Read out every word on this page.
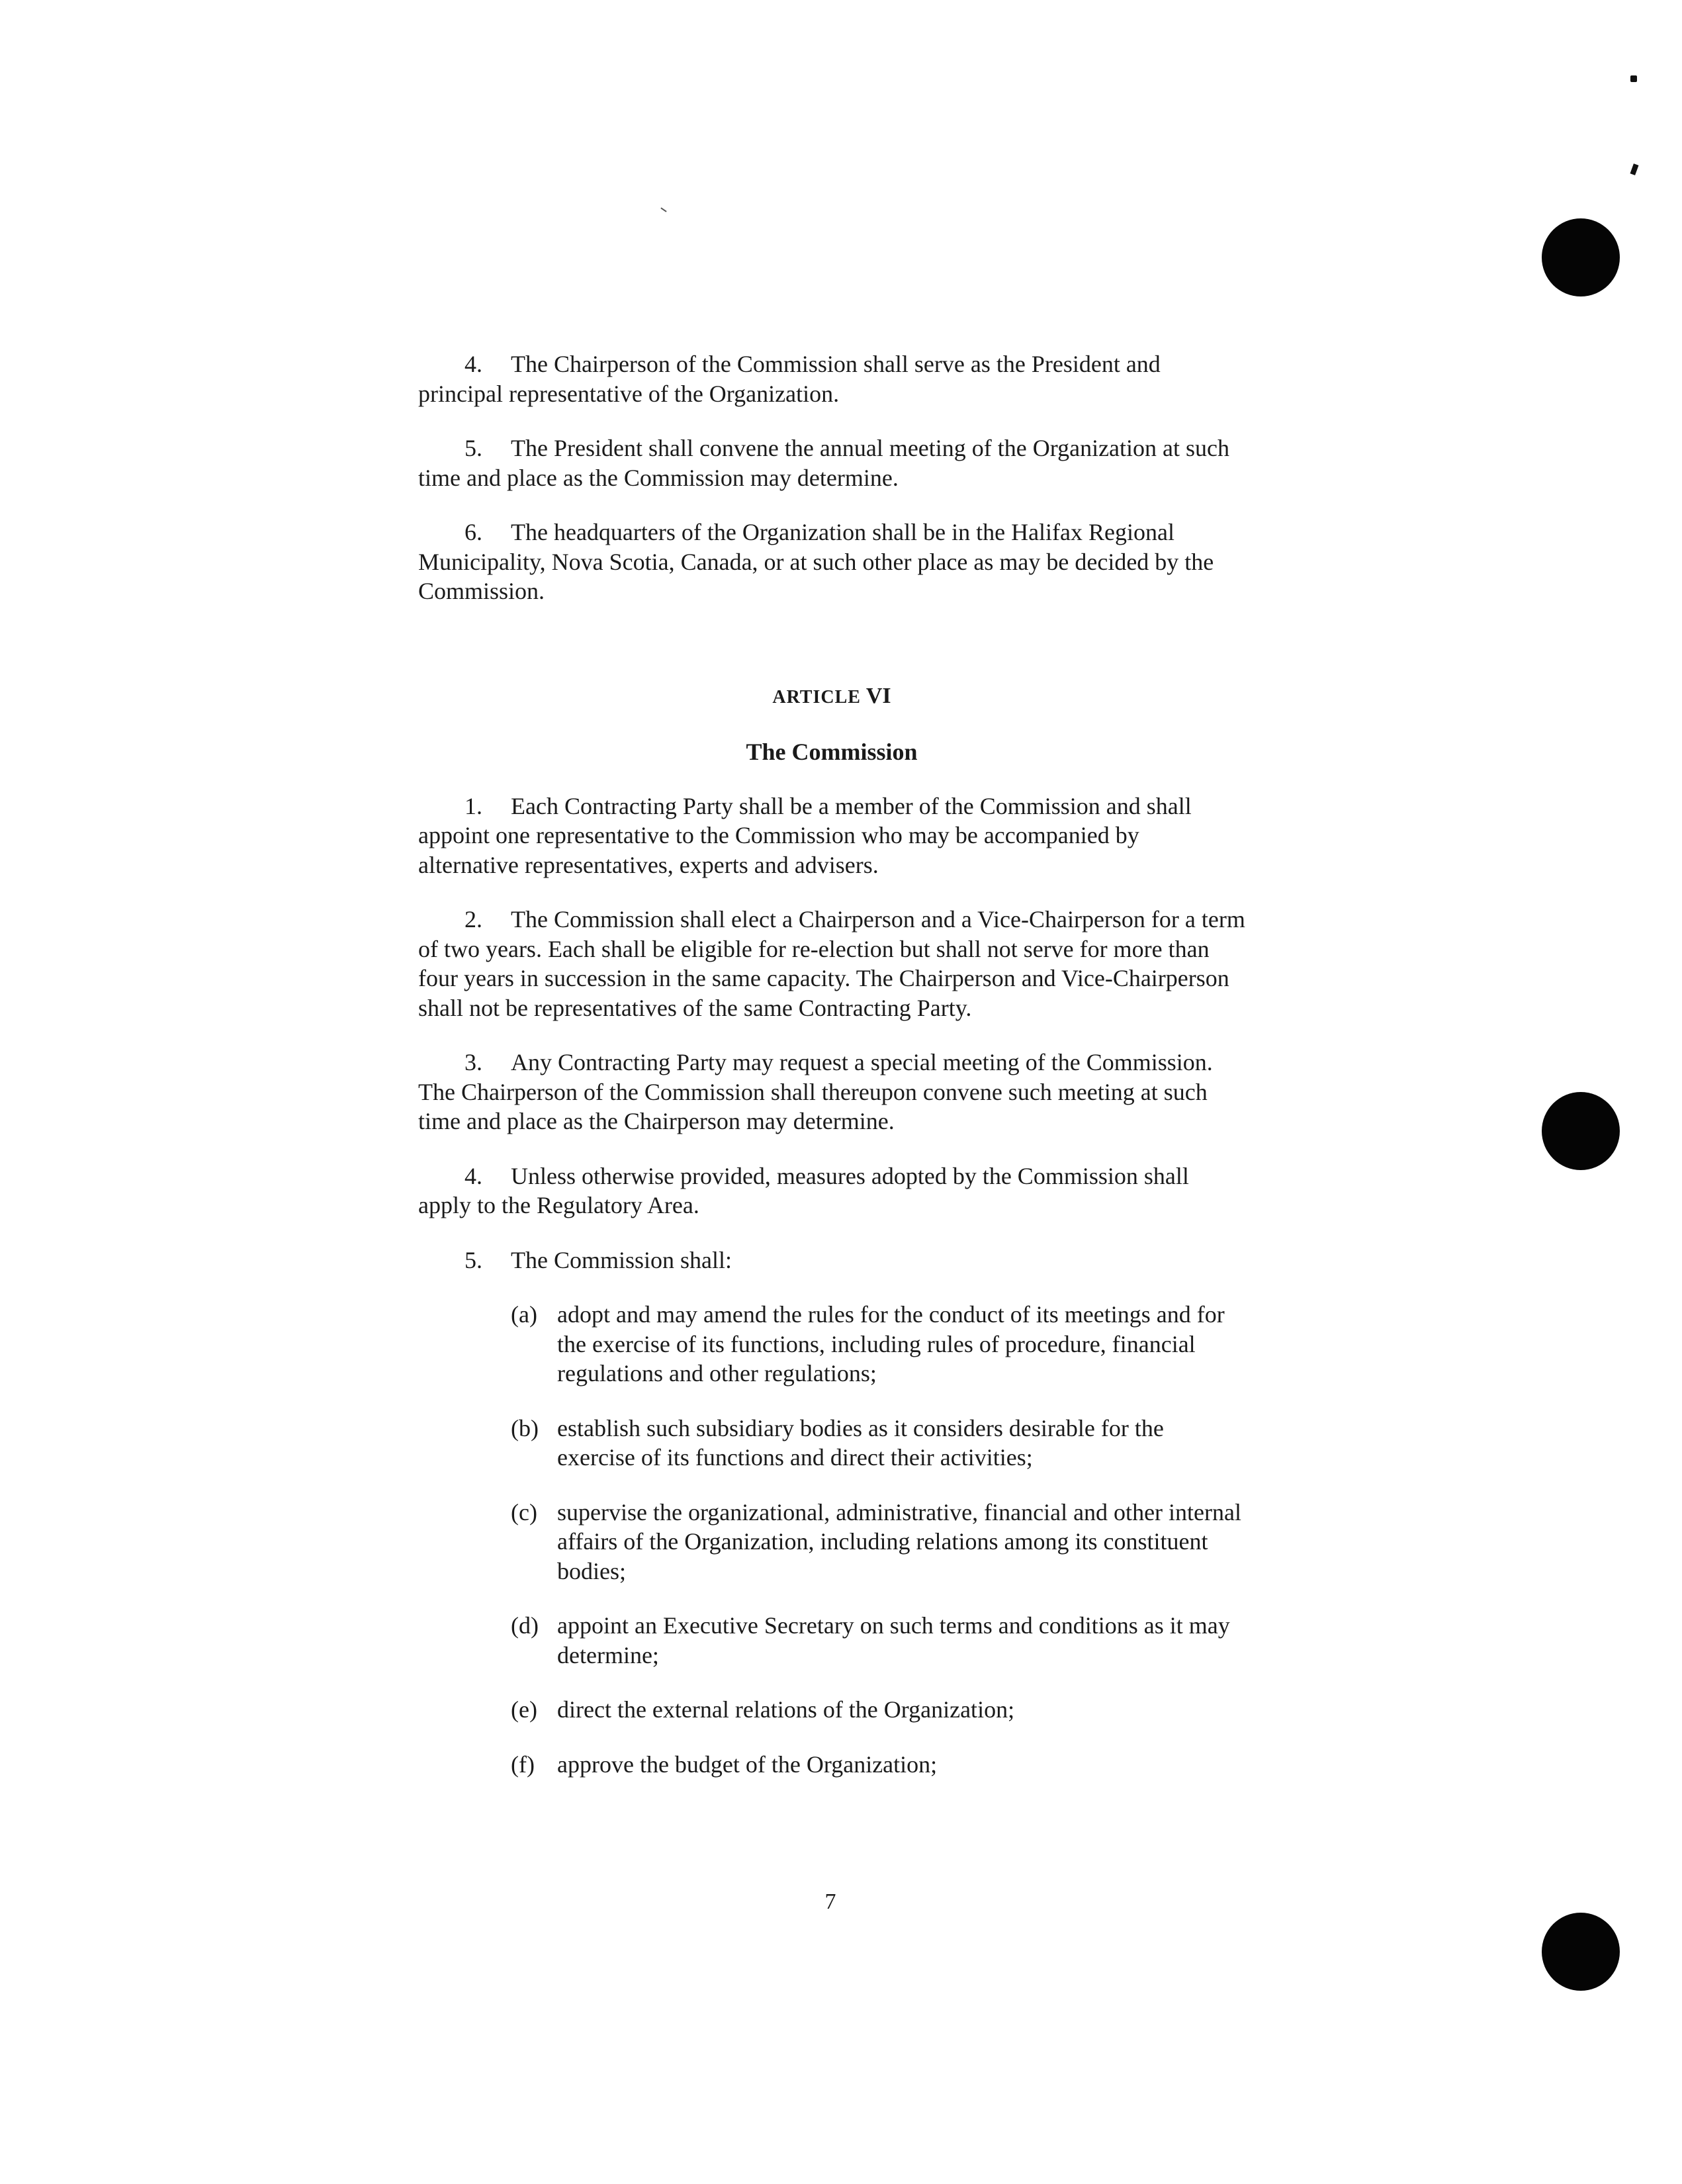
4. The Chairperson of the Commission shall serve as the President and principal representative of the Organization.

5. The President shall convene the annual meeting of the Organization at such time and place as the Commission may determine.

6. The headquarters of the Organization shall be in the Halifax Regional Municipality, Nova Scotia, Canada, or at such other place as may be decided by the Commission.

ARTICLE VI

The Commission

1. Each Contracting Party shall be a member of the Commission and shall appoint one representative to the Commission who may be accompanied by alternative representatives, experts and advisers.

2. The Commission shall elect a Chairperson and a Vice-Chairperson for a term of two years. Each shall be eligible for re-election but shall not serve for more than four years in succession in the same capacity. The Chairperson and Vice-Chairperson shall not be representatives of the same Contracting Party.

3. Any Contracting Party may request a special meeting of the Commission. The Chairperson of the Commission shall thereupon convene such meeting at such time and place as the Chairperson may determine.

4. Unless otherwise provided, measures adopted by the Commission shall apply to the Regulatory Area.

5. The Commission shall:

(a) adopt and may amend the rules for the conduct of its meetings and for the exercise of its functions, including rules of procedure, financial regulations and other regulations;
(b) establish such subsidiary bodies as it considers desirable for the exercise of its functions and direct their activities;
(c) supervise the organizational, administrative, financial and other internal affairs of the Organization, including relations among its constituent bodies;
(d) appoint an Executive Secretary on such terms and conditions as it may determine;
(e) direct the external relations of the Organization;
(f) approve the budget of the Organization;
7
